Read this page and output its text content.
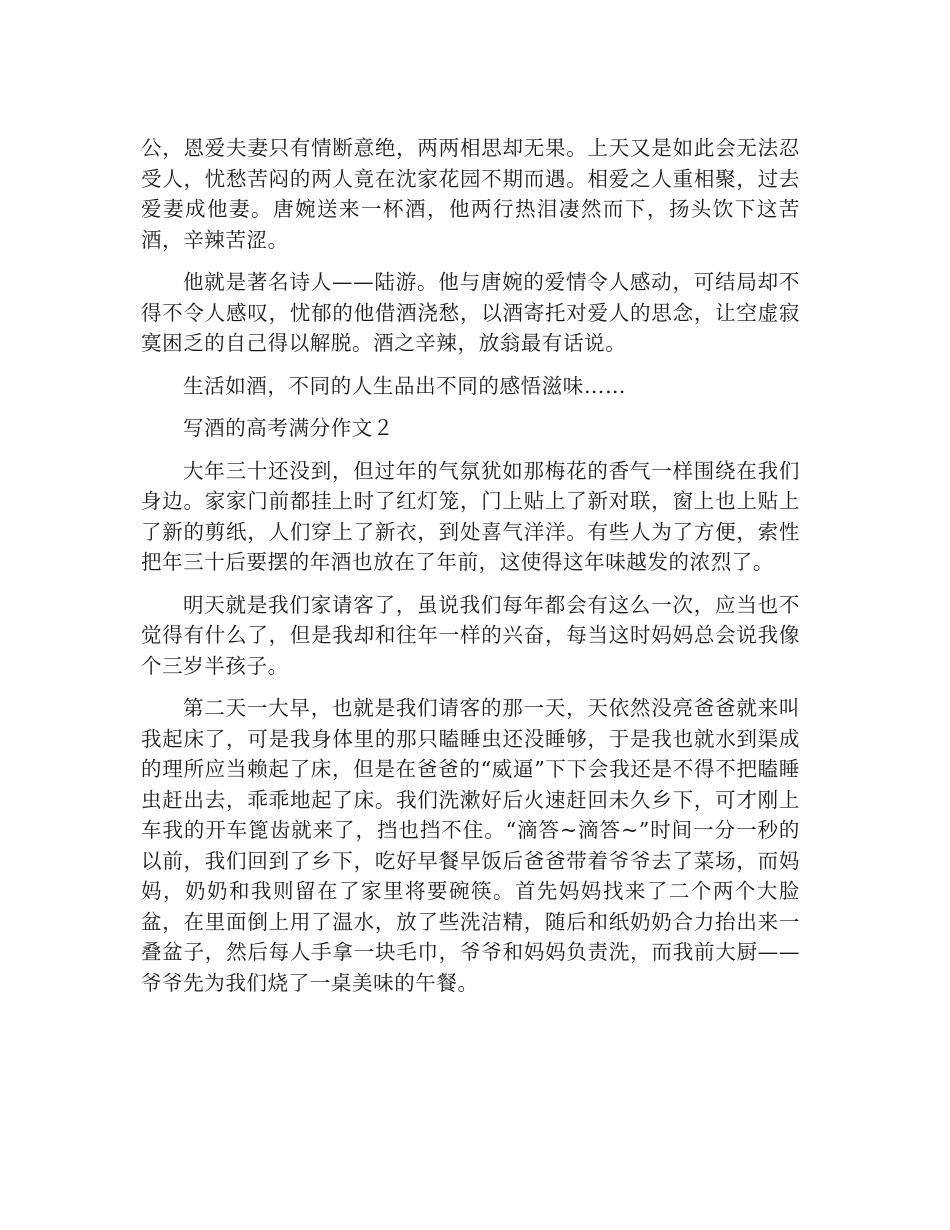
公，恩爱夫妻只有情断意绝，两两相思却无果。上天又是如此会无法忍受人，忧愁苦闷的两人竟在沈家花园不期而遇。相爱之人重相聚，过去爱妻成他妻。唐婉送来一杯酒，他两行热泪凄然而下，扬头饮下这苦酒，辛辣苦涩。

他就是著名诗人——陆游。他与唐婉的爱情令人感动，可结局却不得不令人感叹，忧郁的他借酒浇愁，以酒寄托对爱人的思念，让空虚寂寞困乏的自己得以解脱。酒之辛辣，放翁最有话说。

生活如酒，不同的人生品出不同的感悟滋味……

写酒的高考满分作文２

大年三十还没到，但过年的气氛犹如那梅花的香气一样围绕在我们身边。家家门前都挂上时了红灯笼，门上贴上了新对联，窗上也上贴上了新的剪纸，人们穿上了新衣，到处喜气洋洋。有些人为了方便，索性把年三十后要摆的年酒也放在了年前，这使得这年味越发的浓烈了。

明天就是我们家请客了，虽说我们每年都会有这么一次，应当也不觉得有什么了，但是我却和往年一样的兴奋，每当这时妈妈总会说我像个三岁半孩子。

第二天一大早，也就是我们请客的那一天，天依然没亮爸爸就来叫我起床了，可是我身体里的那只瞌睡虫还没睡够，于是我也就水到渠成的理所应当赖起了床，但是在爸爸的“威逼”下下会我还是不得不把瞌睡虫赶出去，乖乖地起了床。我们洗漱好后火速赶回未久乡下，可才刚上车我的开车篦齿就来了，挡也挡不住。“滴答~滴答~”时间一分一秒的以前，我们回到了乡下，吃好早餐早饭后爸爸带着爷爷去了菜场，而妈妈，奶奶和我则留在了家里将要碗筷。首先妈妈找来了二个两个大脸盆，在里面倒上用了温水，放了些洗洁精，随后和纸奶奶合力抬出来一叠盆子，然后每人手拿一块毛巾，爷爷和妈妈负责洗，而我前大厨——爷爷先为我们烧了一桌美味的午餐。
